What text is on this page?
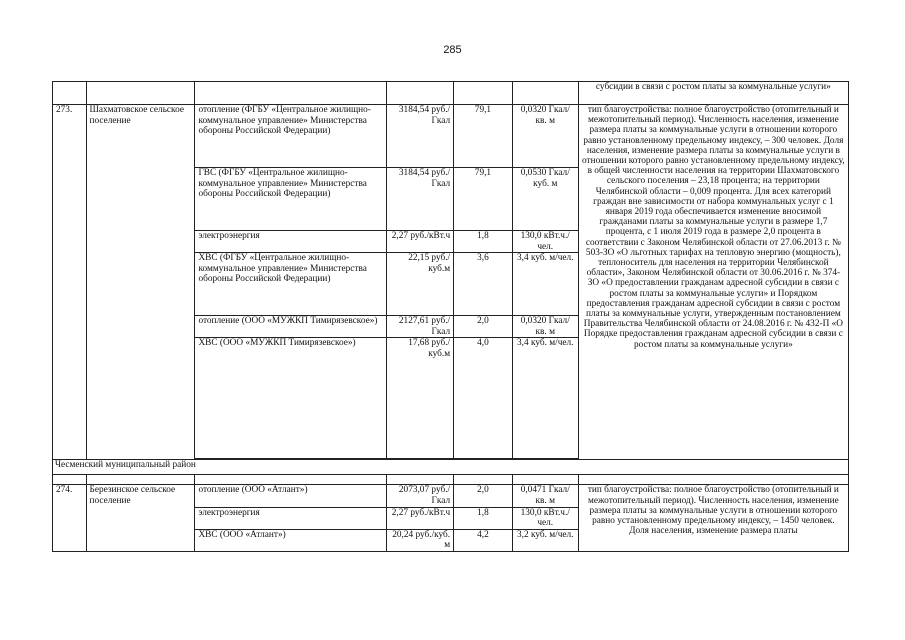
285
						субсидии в связи с ростом платы за коммунальные услуги»
273.	Шахматовское сельское поселение	отопление (ФГБУ «Центральное жилищно-коммунальное управление» Министерства обороны Российской Федерации)	3184,54 руб./Гкал	79,1	0,0320 Гкал/кв. м	тип благоустройства: полное благоустройство (отопительный и межотопительный период). Численность населения, изменение размера платы за коммунальные услуги в отношении которого равно установленному предельному индексу, – 300 человек. Доля населения, изменение размера платы за коммунальные услуги в отношении которого равно установленному предельному индексу, в общей численности населения на территории Шахматовского сельского поселения – 23,18 процента; на территории Челябинской области – 0,009 процента. Для всех категорий граждан вне зависимости от набора коммунальных услуг с 1 января 2019 года обеспечивается изменение вносимой гражданами платы за коммунальные услуги в размере 1,7 процента, с 1 июля 2019 года в размере 2,0 процента в соответствии с Законом Челябинской области от 27.06.2013 г. № 503-ЗО «О льготных тарифах на тепловую энергию (мощность), теплоноситель для населения на территории Челябинской области», Законом Челябинской области от 30.06.2016 г. № 374-ЗО «О предоставлении гражданам адресной субсидии в связи с ростом платы за коммунальные услуги» и Порядком предоставления гражданам адресной субсидии в связи с ростом платы за коммунальные услуги, утвержденным постановлением Правительства Челябинской области от 24.08.2016 г. № 432-П «О Порядке предоставления гражданам адресной субсидии в связи с ростом платы за коммунальные услуги»
		ГВС (ФГБУ «Центральное жилищно-коммунальное управление» Министерства обороны Российской Федерации)	3184,54 руб./Гкал	79,1	0,0530 Гкал/куб. м	
		электроэнергия	2,27 руб./кВт.ч	1,8	130,0 кВт.ч./чел.	
		ХВС (ФГБУ «Центральное жилищно-коммунальное управление» Министерства обороны Российской Федерации)	22,15 руб./куб.м	3,6	3,4 куб. м/чел.	
		отопление (ООО «МУЖКП Тимирязевское»)	2127,61 руб./Гкал	2,0	0,0320 Гкал/кв. м	
		ХВС (ООО «МУЖКП Тимирязевское»)	17,68 руб./куб.м	4,0	3,4 куб. м/чел.	

Чесменский муниципальный район						

274.	Березинское сельское поселение	отопление (ООО «Атлант»)	2073,07 руб./Гкал	2,0	0,0471 Гкал/кв. м	тип благоустройства: полное благоустройство (отопительный и межотопительный период). Численность населения, изменение размера платы за коммунальные услуги в отношении которого равно установленному предельному индексу, – 1450 человек. Доля населения, изменение размера платы
		электроэнергия	2,27 руб./кВт.ч	1,8	130,0 кВт.ч./чел.	
		ХВС (ООО «Атлант»)	20,24 руб./куб. м	4,2	3,2 куб. м/чел.	
